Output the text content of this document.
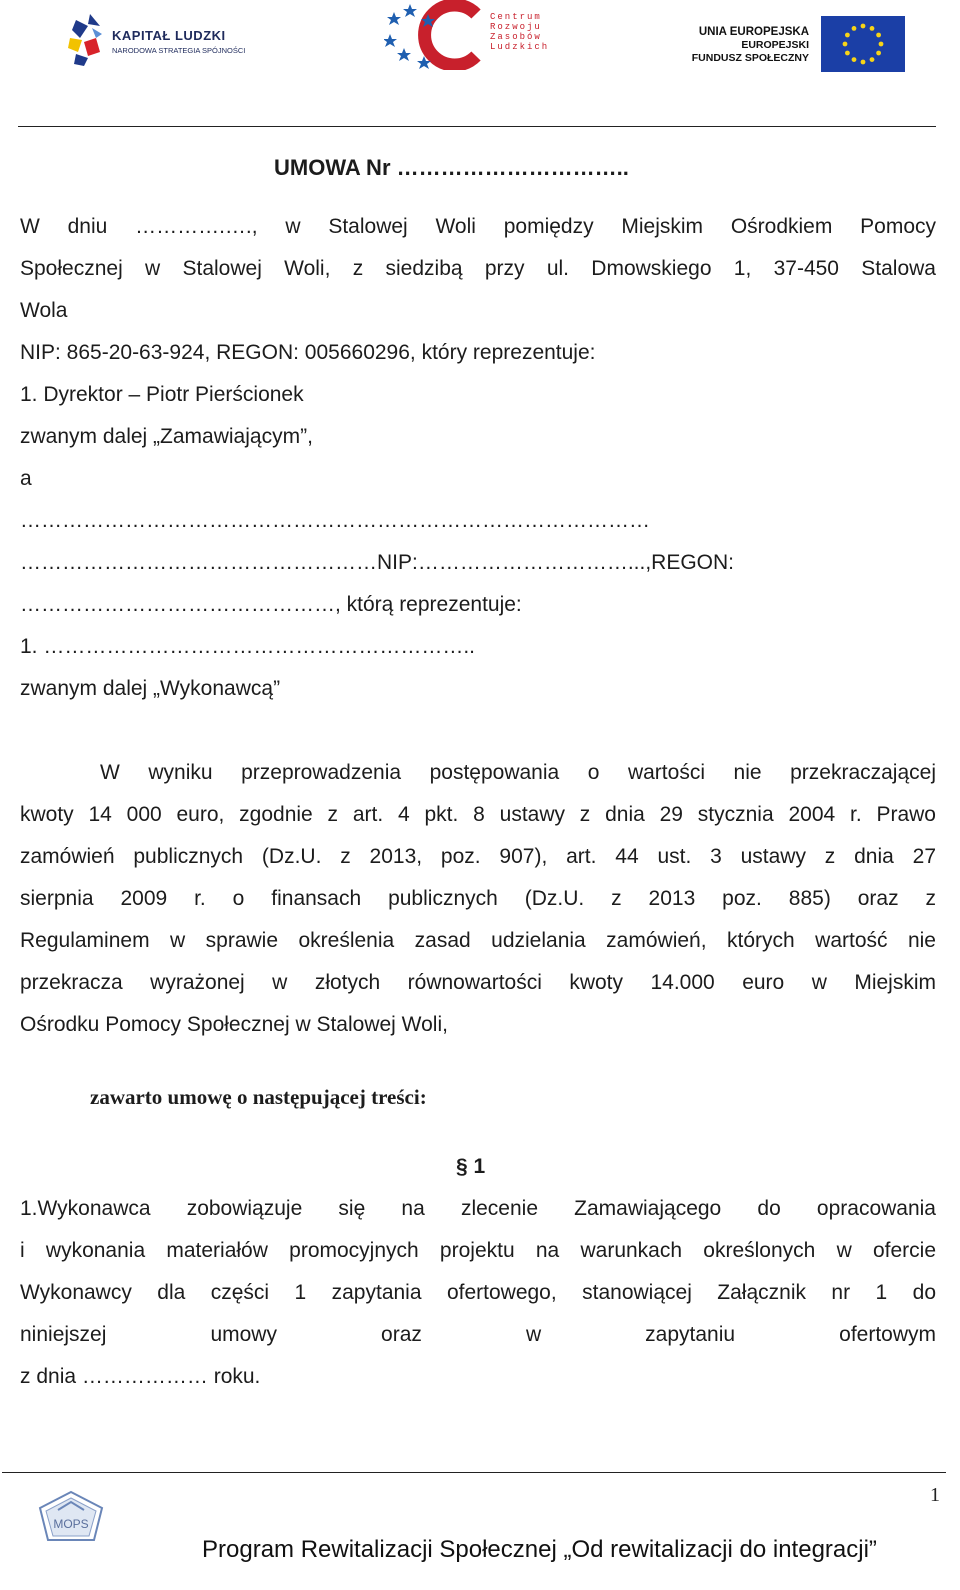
KAPITAŁ LUDZKI
NARODOWA STRATEGIA SPÓJNOŚCI
Centrum
Rozwoju
Zasobów
Ludzkich
UNIA EUROPEJSKA
EUROPEJSKI
FUNDUSZ SPOŁECZNY
UMOWA Nr …………………………..
W dniu ………….…., w Stalowej Woli pomiędzy Miejskim Ośrodkiem Pomocy
Społecznej w Stalowej Woli, z siedzibą przy ul. Dmowskiego 1, 37-450 Stalowa
Wola
NIP: 865-20-63-924, REGON: 005660296, który reprezentuje:
1. Dyrektor – Piotr Pierścionek
zwanym dalej „Zamawiającym”,
a
………………………………………………………………………………
……………………………………………NIP:…………………………...,REGON:
………………………………………, którą reprezentuje:
1. ……………………………………………………..
zwanym dalej „Wykonawcą”
W wyniku przeprowadzenia postępowania o wartości nie przekraczającej
kwoty 14 000 euro, zgodnie z art. 4 pkt. 8 ustawy z dnia 29 stycznia 2004 r. Prawo
zamówień publicznych (Dz.U. z 2013, poz. 907), art. 44 ust. 3 ustawy z dnia 27
sierpnia 2009 r. o finansach publicznych (Dz.U. z 2013 poz. 885) oraz z
Regulaminem w sprawie określenia zasad udzielania zamówień, których wartość nie
przekracza wyrażonej w złotych równowartości kwoty 14.000 euro w Miejskim
Ośrodku Pomocy Społecznej w Stalowej Woli,
zawarto umowę o następującej treści:
§ 1
1.Wykonawca zobowiązuje się na zlecenie Zamawiającego do opracowania
i wykonania materiałów promocyjnych projektu na warunkach określonych w ofercie
Wykonawcy dla części 1 zapytania ofertowego, stanowiącej Załącznik nr 1 do
niniejszej umowy oraz w zapytaniu ofertowym
z dnia ……………… roku.
1
MOPS
Program Rewitalizacji Społecznej „Od rewitalizacji do integracji”
